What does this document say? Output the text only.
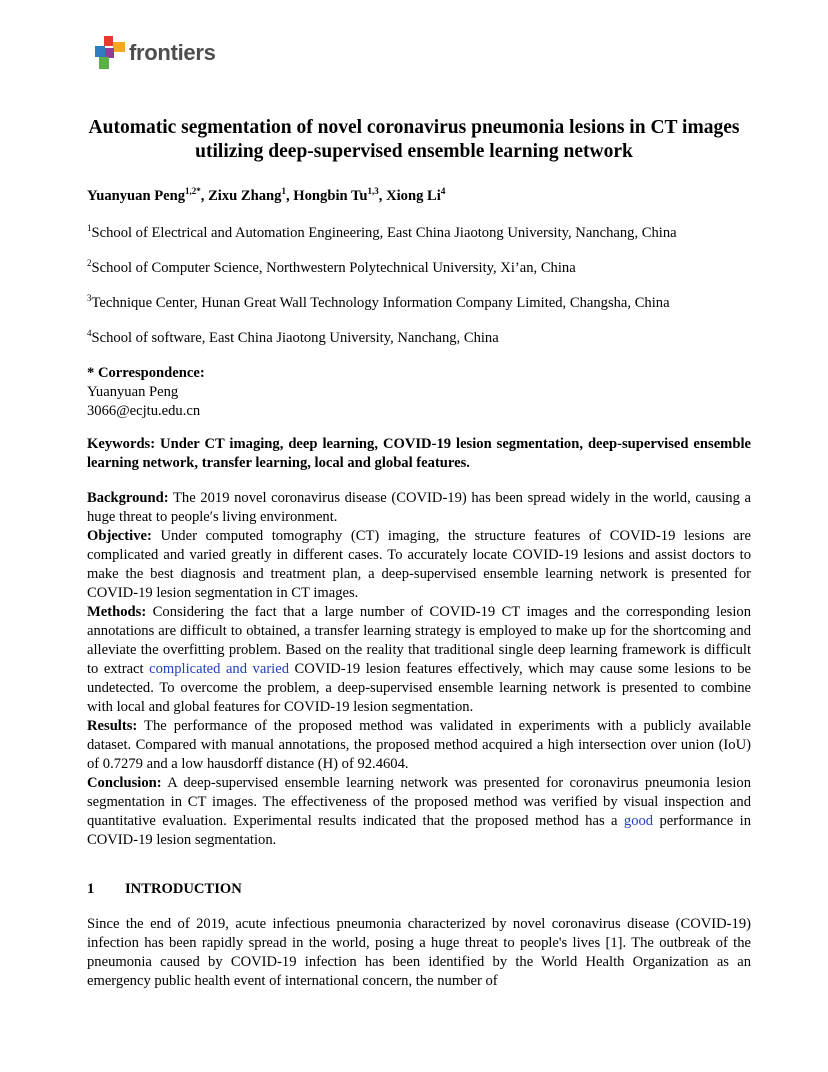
frontiers
Automatic segmentation of novel coronavirus pneumonia lesions in CT images utilizing deep-supervised ensemble learning network

Yuanyuan Peng$^{1,2*}$, Zixu Zhang$^1$, Hongbin Tu$^{1,3}$, Xiong Li$^4$

$^1$School of Electrical and Automation Engineering, East China Jiaotong University, Nanchang, China

$^2$School of Computer Science, Northwestern Polytechnical University, Xi’an, China

$^3$Technique Center, Hunan Great Wall Technology Information Company Limited, Changsha, China

$^4$School of software, East China Jiaotong University, Nanchang, China

* Correspondence:
Yuanyuan Peng
3066@ecjtu.edu.cn

Keywords: Under CT imaging, deep learning, COVID-19 lesion segmentation, deep-supervised ensemble learning network, transfer learning, local and global features.

Background: The 2019 novel coronavirus disease (COVID-19) has been spread widely in the world, causing a huge threat to people′s living environment.

Objective: Under computed tomography (CT) imaging, the structure features of COVID-19 lesions are complicated and varied greatly in different cases. To accurately locate COVID-19 lesions and assist doctors to make the best diagnosis and treatment plan, a deep-supervised ensemble learning network is presented for COVID-19 lesion segmentation in CT images.

Methods: Considering the fact that a large number of COVID-19 CT images and the corresponding lesion annotations are difficult to obtained, a transfer learning strategy is employed to make up for the shortcoming and alleviate the overfitting problem. Based on the reality that traditional single deep learning framework is difficult to extract complicated and varied COVID-19 lesion features effectively, which may cause some lesions to be undetected. To overcome the problem, a deep-supervised ensemble learning network is presented to combine with local and global features for COVID-19 lesion segmentation.

Results: The performance of the proposed method was validated in experiments with a publicly available dataset. Compared with manual annotations, the proposed method acquired a high intersection over union (IoU) of 0.7279 and a low hausdorff distance (H) of 92.4604.

Conclusion: A deep-supervised ensemble learning network was presented for coronavirus pneumonia lesion segmentation in CT images. The effectiveness of the proposed method was verified by visual inspection and quantitative evaluation. Experimental results indicated that the proposed method has a good performance in COVID-19 lesion segmentation.

1 INTRODUCTION

Since the end of 2019, acute infectious pneumonia characterized by novel coronavirus disease (COVID-19) infection has been rapidly spread in the world, posing a huge threat to people's lives [1]. The outbreak of the pneumonia caused by COVID-19 infection has been identified by the World Health Organization as an emergency public health event of international concern, the number of
